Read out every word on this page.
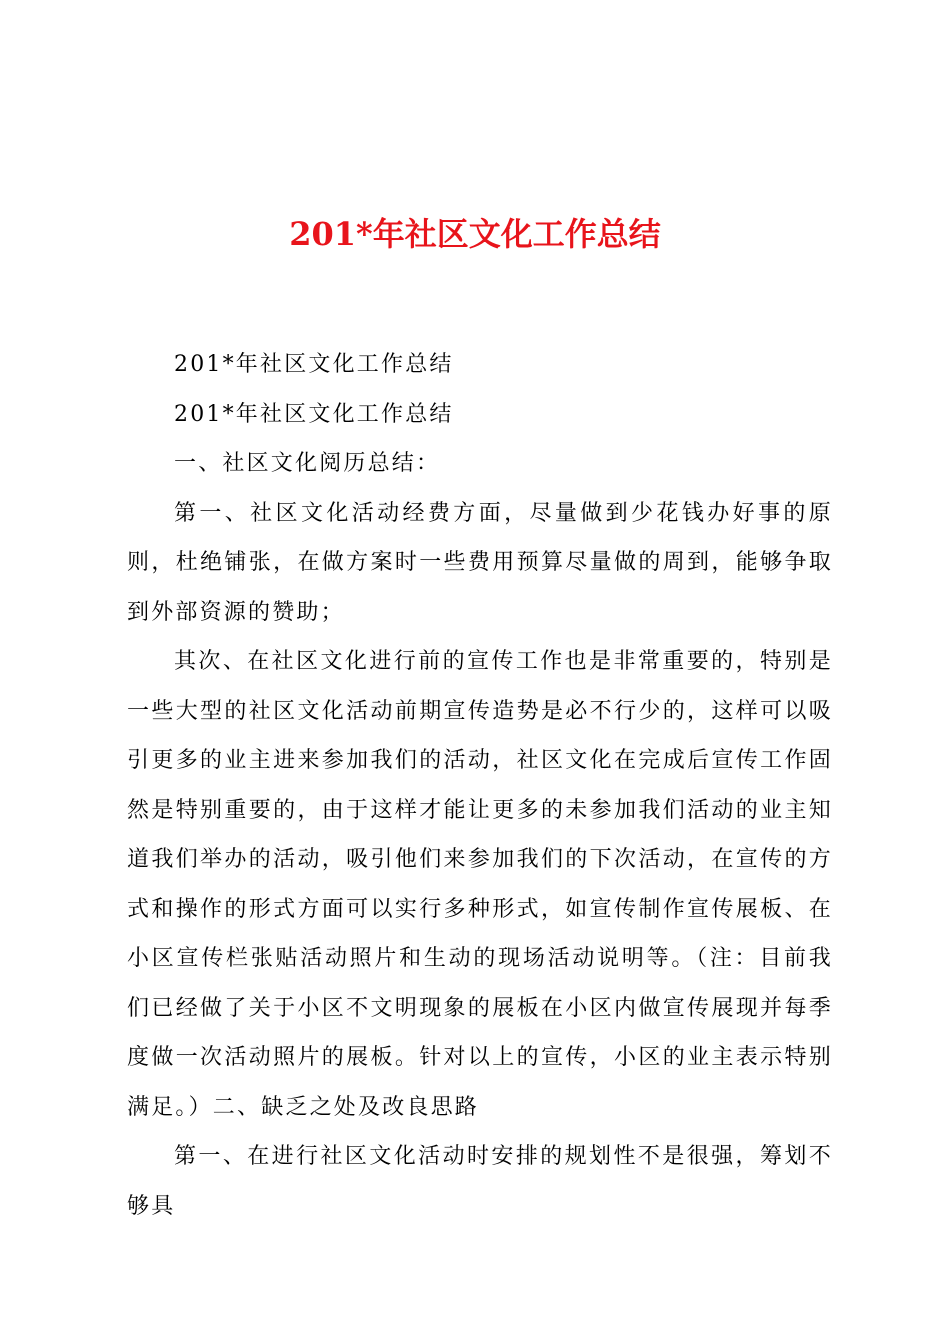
201*年社区文化工作总结

201*年社区文化工作总结

201*年社区文化工作总结

一、社区文化阅历总结：

第一、社区文化活动经费方面，尽量做到少花钱办好事的原则，杜绝铺张，在做方案时一些费用预算尽量做的周到，能够争取到外部资源的赞助；

其次、在社区文化进行前的宣传工作也是非常重要的，特别是一些大型的社区文化活动前期宣传造势是必不行少的，这样可以吸引更多的业主进来参加我们的活动，社区文化在完成后宣传工作固然是特别重要的，由于这样才能让更多的未参加我们活动的业主知道我们举办的活动，吸引他们来参加我们的下次活动，在宣传的方式和操作的形式方面可以实行多种形式，如宣传制作宣传展板、在小区宣传栏张贴活动照片和生动的现场活动说明等。（注：目前我们已经做了关于小区不文明现象的展板在小区内做宣传展现并每季度做一次活动照片的展板。针对以上的宣传，小区的业主表示特别满足。）二、缺乏之处及改良思路

第一、在进行社区文化活动时安排的规划性不是很强，筹划不够具
